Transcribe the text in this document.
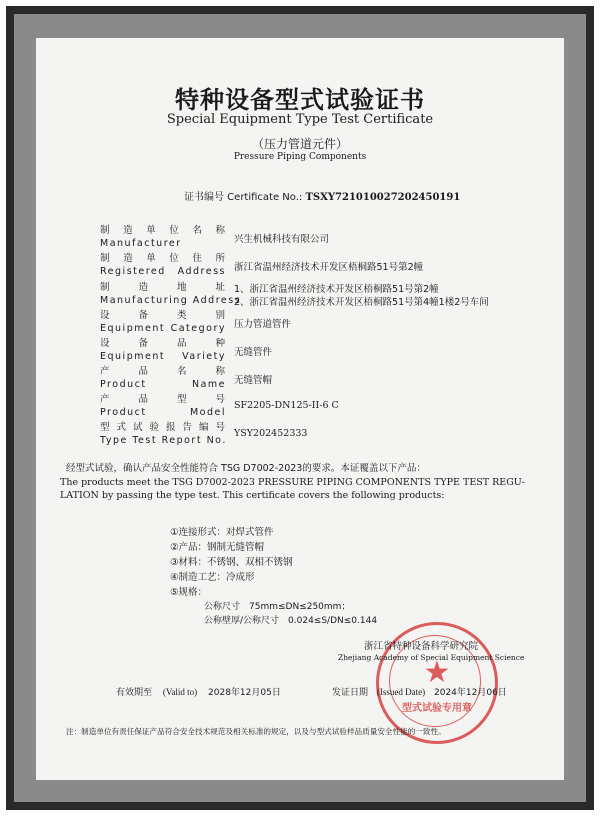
特种设备型式试验证书
Special Equipment Type Test Certificate
（压力管道元件）
Pressure Piping Components
证书编号 Certificate No.: TSXY721010027202450191
制 造 单 位 名 称
Manufacturer	兴生机械科技有限公司
制 造 单 位 住 所
Registered Address 浙江省温州经济技术开发区梧桐路51号第2幢
制 造 地 址
Manufacturing Address
1、浙江省温州经济技术开发区梧桐路51号第2幢
2、浙江省温州经济技术开发区梧桐路51号第4幢1楼2号车间
设 备 类 别
Equipment Category 压力管道管件
设 备 品 种
Equipment Variety 无缝管件
产 品 名 称
Product Name 无缝管帽
产 品 型 号
Product Model
SF2205-DN125-II-6 C
型式试验报告编号
Type Test Report No.
YSY202452333
经型式试验，确认产品安全性能符合 TSG D7002-2023的要求。本证覆盖以下产品：
The products meet the TSG D7002-2023 PRESSURE PIPING COMPONENTS TYPE TEST REGU-
LATION by passing the type test. This certificate covers the following products:
①连接形式：对焊式管件
②产品：钢制无缝管帽
③材料：不锈钢、双相不锈钢
④制造工艺：冷成形
⑤规格：
公称尺寸　75mm≤DN≤250mm；
公称壁厚/公称尺寸　0.024≤S/DN≤0.144
★
型式试验专用章
浙江省特种设备科学研究院
Zhejiang Academy of Special Equipment Science
有效期至 (Valid to) 2028年12月05日	发证日期 (Issued Date) 2024年12月06日
注：制造单位有责任保证产品符合安全技术规范及相关标准的规定，以及与型式试验样品质量安全性能的一致性。
